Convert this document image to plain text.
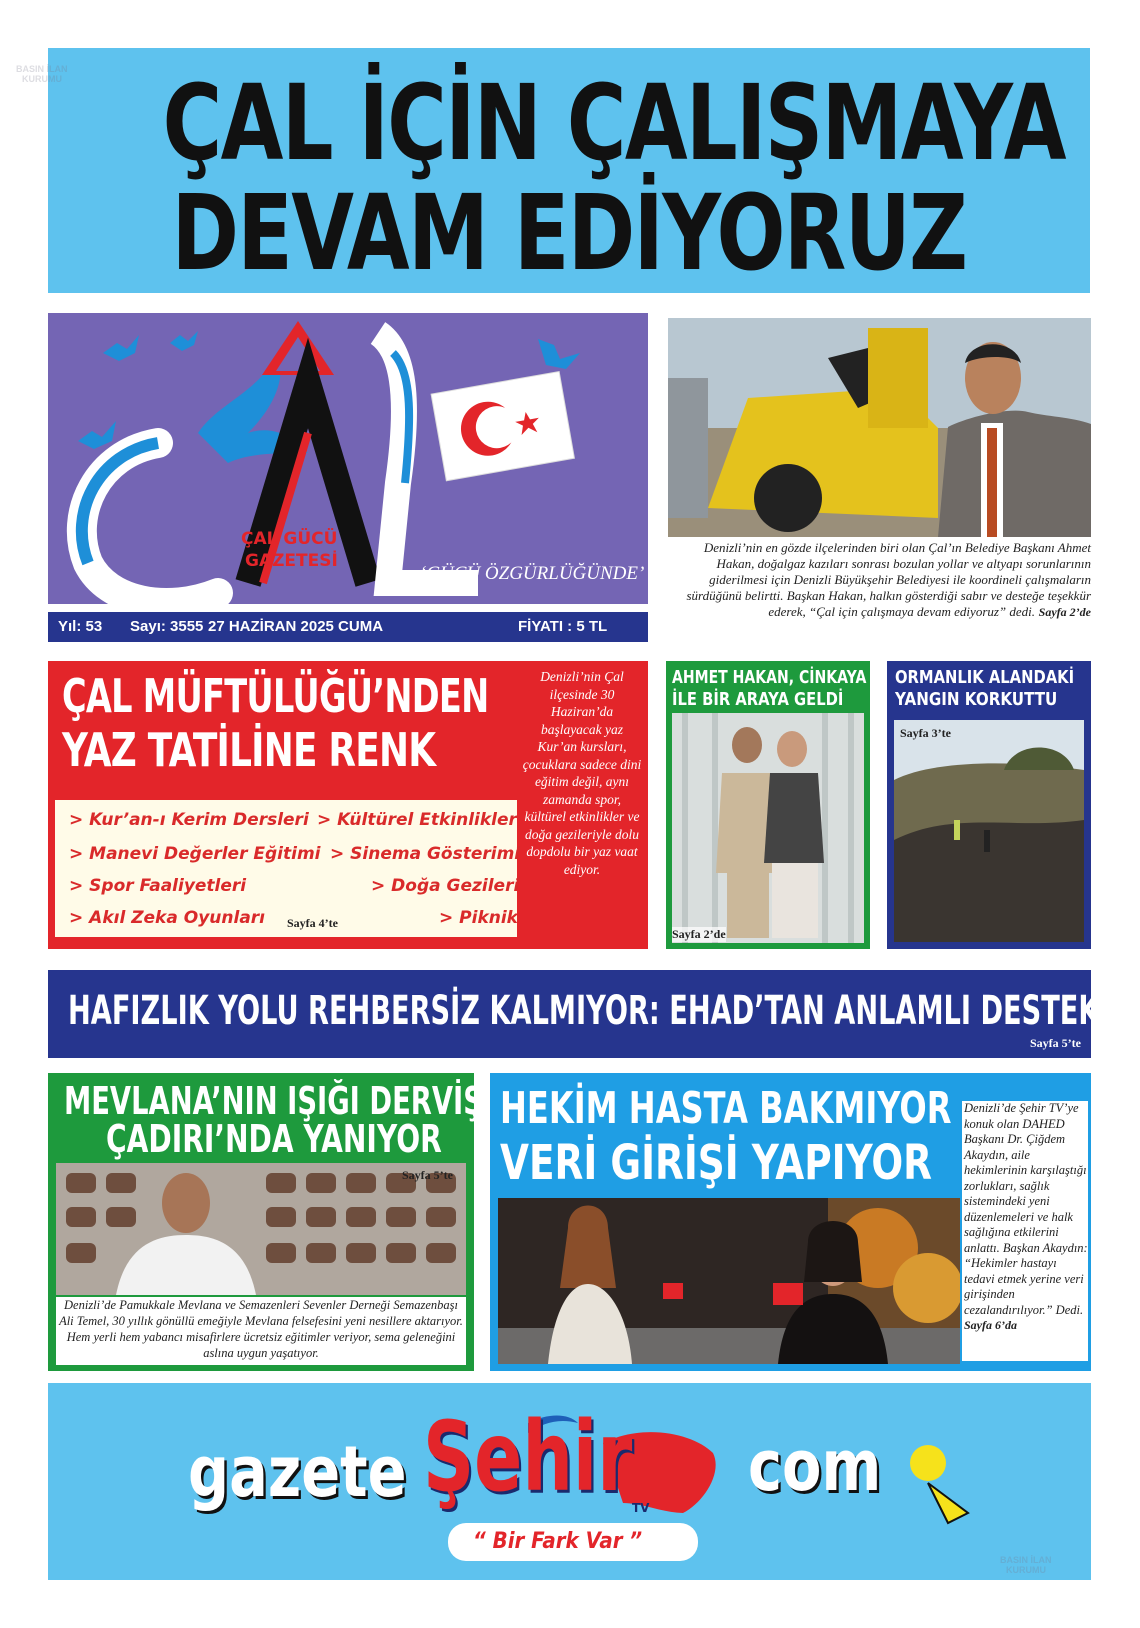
ÇAL İÇİN ÇALIŞMAYA
DEVAM EDİYORUZ
ÇAL GÜCÜ
GAZETESİ
‘GÜCÜ ÖZGÜRLÜĞÜNDE’
Yıl: 53 Sayı: 3555 27 HAZİRAN 2025 CUMA	FİYATI : 5 TL
Denizli’nin en gözde ilçelerinden biri olan Çal’ın Belediye Başkanı Ahmet Hakan, doğalgaz kazıları sonrası bozulan yollar ve altyapı sorunlarının giderilmesi için Denizli Büyükşehir Belediyesi ile koordineli çalışmaların sürdüğünü belirtti. Başkan Hakan, halkın gösterdiği sabır ve desteğe teşekkür ederek, “Çal için çalışmaya devam ediyoruz” dedi. Sayfa 2’de
ÇAL MÜFTÜLÜĞÜ’NDEN
YAZ TATİLİNE RENK
> Kur’an-ı Kerim Dersleri > Kültürel Etkinlikler
> Manevi Değerler Eğitimi > Sinema Gösterimi
> Spor Faaliyetleri	> Doğa Gezileri
> Akıl Zeka Oyunları	> Piknik
Sayfa 4’te
Denizli’nin Çal ilçesinde 30 Haziran’da başlayacak yaz Kur’an kursları, çocuklara sadece dini eğitim değil, aynı zamanda spor, kültürel etkinlikler ve doğa gezileriyle dolu dopdolu bir yaz vaat ediyor.
AHMET HAKAN, CİNKAYA
İLE BİR ARAYA GELDİ
Sayfa 2’de
ORMANLIK ALANDAKİ
YANGIN KORKUTTU
Sayfa 3’te
HAFIZLIK YOLU REHBERSİZ KALMIYOR: EHAD’TAN ANLAMLI DESTEK
Sayfa 5’te
MEVLANA’NIN IŞIĞI DERVİŞ
ÇADIRI’NDA YANIYOR
Sayfa 5’te
Denizli’de Pamukkale Mevlana ve Semazenleri Sevenler Derneği Semazenbaşı Ali Temel, 30 yıllık gönüllü emeğiyle Mevlana felsefesini yeni nesillere aktarıyor. Hem yerli hem yabancı misafirlere ücretsiz eğitimler veriyor, sema geleneğini aslına uygun yaşatıyor.
HEKİM HASTA BAKMIYOR
VERİ GİRİŞİ YAPIYOR
Denizli’de Şehir TV’ye konuk olan DAHED Başkanı Dr. Çiğdem Akaydın, aile hekimlerinin karşılaştığı zorlukları, sağlık sistemindeki yeni düzenlemeleri ve halk sağlığına etkilerini anlattı. Başkan Akaydın: “Hekimler hastayı tedavi etmek yerine veri girişinden cezalandırılıyor.” Dedi. Sayfa 6’da
gazete Şehir TV
com
“ Bir Fark Var ”
BASIN İLAN
KURUMU
BASIN İLAN
KURUMU
